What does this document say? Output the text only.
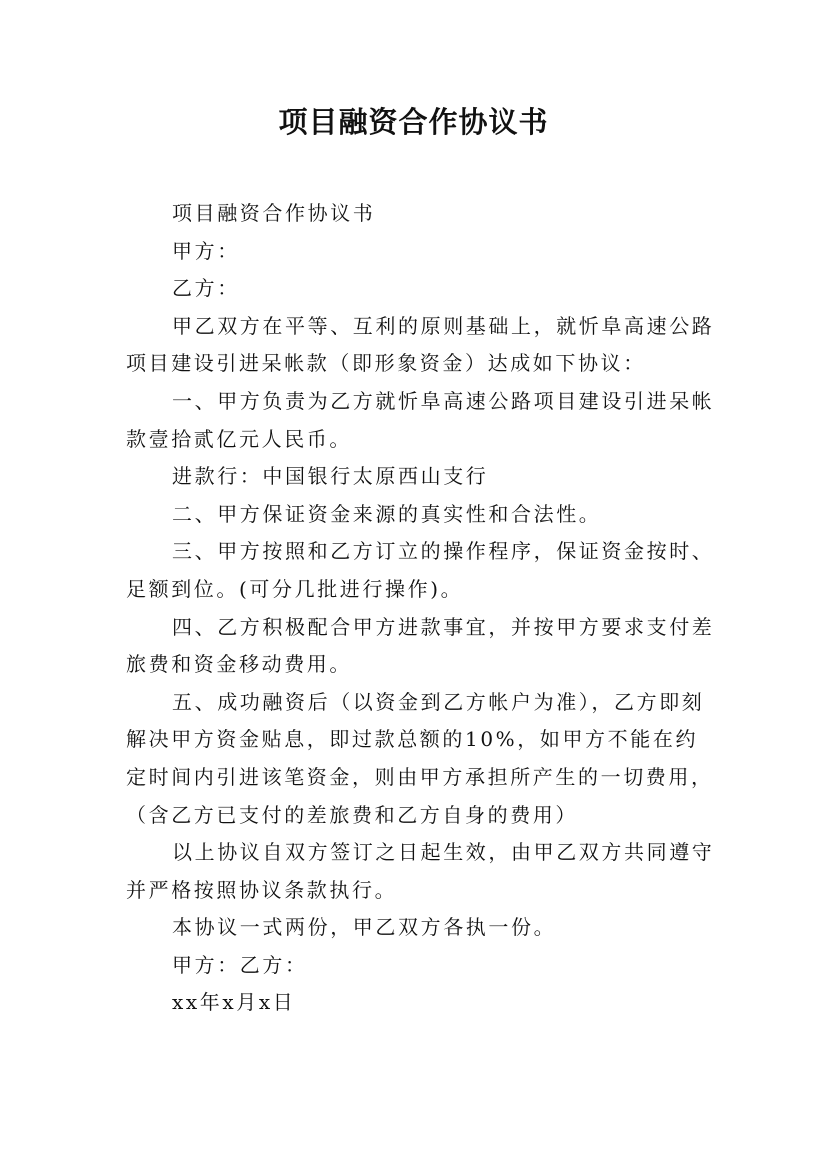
项目融资合作协议书

项目融资合作协议书

甲方：

乙方：

甲乙双方在平等、互利的原则基础上，就忻阜高速公路项目建设引进呆帐款（即形象资金）达成如下协议：

一、甲方负责为乙方就忻阜高速公路项目建设引进呆帐款壹拾贰亿元人民币。

进款行：中国银行太原西山支行

二、甲方保证资金来源的真实性和合法性。

三、甲方按照和乙方订立的操作程序，保证资金按时、足额到位。(可分几批进行操作)。

四、乙方积极配合甲方进款事宜，并按甲方要求支付差旅费和资金移动费用。

五、成功融资后（以资金到乙方帐户为准），乙方即刻解决甲方资金贴息，即过款总额的10%，如甲方不能在约定时间内引进该笔资金，则由甲方承担所产生的一切费用，（含乙方已支付的差旅费和乙方自身的费用）

以上协议自双方签订之日起生效，由甲乙双方共同遵守并严格按照协议条款执行。

本协议一式两份，甲乙双方各执一份。

甲方：乙方：

xx年x月x日
